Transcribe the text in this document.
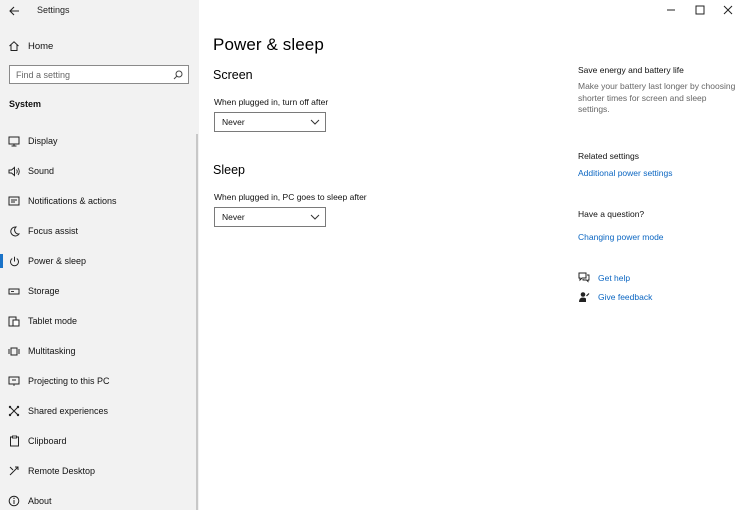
Settings
Home
Find a setting
System
Display
Sound
Notifications & actions
Focus assist
Power & sleep
Storage
Tablet mode
Multitasking
Projecting to this PC
Shared experiences
Clipboard
Remote Desktop
About
Power & sleep
Screen
When plugged in, turn off after
Never
Sleep
When plugged in, PC goes to sleep after
Never
Save energy and battery life
Make your battery last longer by choosing shorter times for screen and sleep settings.
Related settings
Additional power settings
Have a question?
Changing power mode
Get help
Give feedback
